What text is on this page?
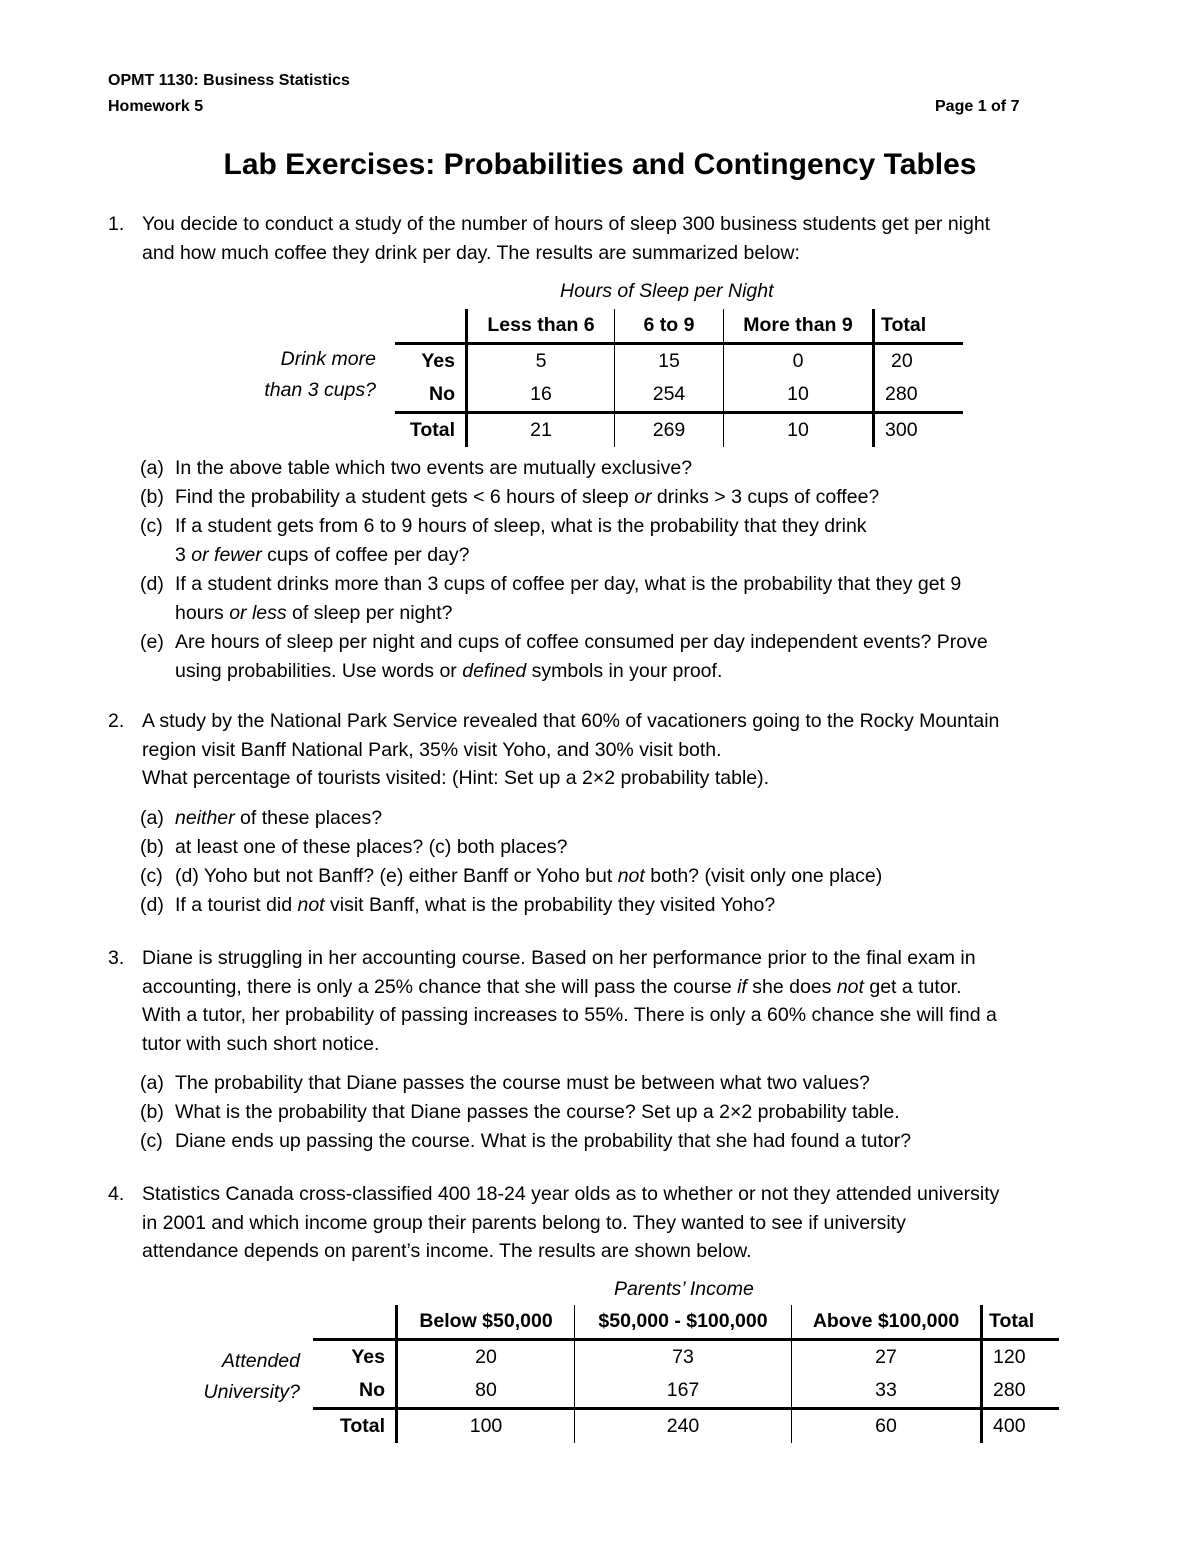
OPMT 1130: Business Statistics
Homework 5	Page 1 of 7
Lab Exercises: Probabilities and Contingency Tables
1. You decide to conduct a study of the number of hours of sleep 300 business students get per night
and how much coffee they drink per day. The results are summarized below:
Hours of Sleep per Night
Drink more
than 3 cups?
	Less than 6	6 to 9	More than 9	Total
Yes	5	15	0	20
No	16	254	10	280
Total	21	269	10	300
(a) In the above table which two events are mutually exclusive?
(b) Find the probability a student gets < 6 hours of sleep or drinks > 3 cups of coffee?
(c) If a student gets from 6 to 9 hours of sleep, what is the probability that they drink
3 or fewer cups of coffee per day?
(d) If a student drinks more than 3 cups of coffee per day, what is the probability that they get 9
hours or less of sleep per night?
(e) Are hours of sleep per night and cups of coffee consumed per day independent events? Prove
using probabilities. Use words or defined symbols in your proof.
2. A study by the National Park Service revealed that 60% of vacationers going to the Rocky Mountain
region visit Banff National Park, 35% visit Yoho, and 30% visit both.
What percentage of tourists visited: (Hint: Set up a 2×2 probability table).
(a) neither of these places?
(b) at least one of these places? (c) both places?
(c) (d) Yoho but not Banff? (e) either Banff or Yoho but not both? (visit only one place)
(d) If a tourist did not visit Banff, what is the probability they visited Yoho?
3. Diane is struggling in her accounting course. Based on her performance prior to the final exam in
accounting, there is only a 25% chance that she will pass the course if she does not get a tutor.
With a tutor, her probability of passing increases to 55%. There is only a 60% chance she will find a
tutor with such short notice.
(a) The probability that Diane passes the course must be between what two values?
(b) What is the probability that Diane passes the course? Set up a 2×2 probability table.
(c) Diane ends up passing the course. What is the probability that she had found a tutor?
4. Statistics Canada cross-classified 400 18-24 year olds as to whether or not they attended university
in 2001 and which income group their parents belong to. They wanted to see if university
attendance depends on parent’s income. The results are shown below.
Parents’ Income
Attended
University?
	Below $50,000	$50,000 - $100,000	Above $100,000	Total
Yes	20	73	27	120
No	80	167	33	280
Total	100	240	60	400
